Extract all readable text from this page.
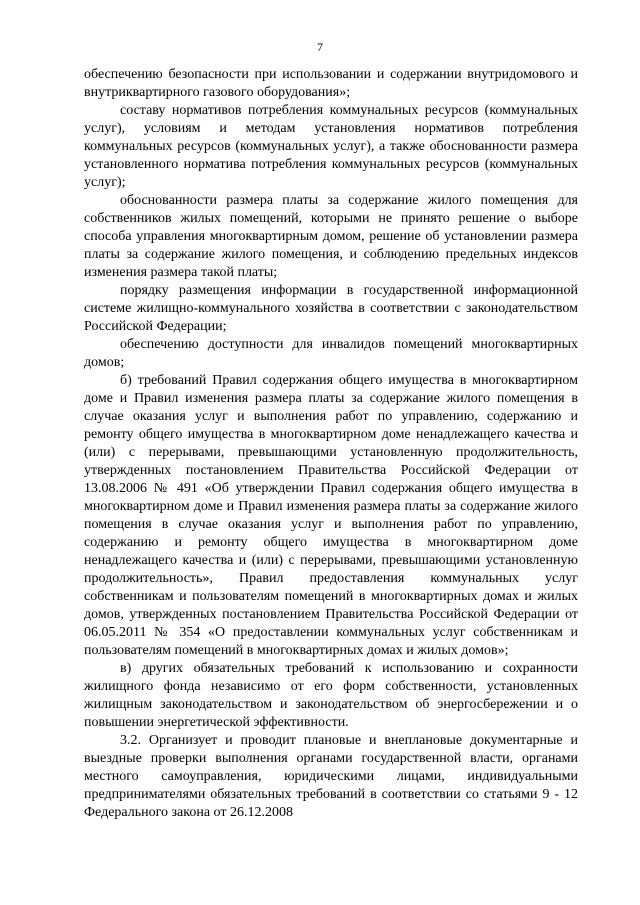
7

обеспечению безопасности при использовании и содержании внутридомового и внутриквартирного газового оборудования»;

составу нормативов потребления коммунальных ресурсов (коммунальных услуг), условиям и методам установления нормативов потребления коммунальных ресурсов (коммунальных услуг), а также обоснованности размера установленного норматива потребления коммунальных ресурсов (коммунальных услуг);

обоснованности размера платы за содержание жилого помещения для собственников жилых помещений, которыми не принято решение о выборе способа управления многоквартирным домом, решение об установлении размера платы за содержание жилого помещения, и соблюдению предельных индексов изменения размера такой платы;

порядку размещения информации в государственной информационной системе жилищно-коммунального хозяйства в соответствии с законодательством Российской Федерации;

обеспечению доступности для инвалидов помещений многоквартирных домов;

б) требований Правил содержания общего имущества в многоквартирном доме и Правил изменения размера платы за содержание жилого помещения в случае оказания услуг и выполнения работ по управлению, содержанию и ремонту общего имущества в многоквартирном доме ненадлежащего качества и (или) с перерывами, превышающими установленную продолжительность, утвержденных постановлением Правительства Российской Федерации от 13.08.2006 № 491 «Об утверждении Правил содержания общего имущества в многоквартирном доме и Правил изменения размера платы за содержание жилого помещения в случае оказания услуг и выполнения работ по управлению, содержанию и ремонту общего имущества в многоквартирном доме ненадлежащего качества и (или) с перерывами, превышающими установленную продолжительность», Правил предоставления коммунальных услуг собственникам и пользователям помещений в многоквартирных домах и жилых домов, утвержденных постановлением Правительства Российской Федерации от 06.05.2011 № 354 «О предоставлении коммунальных услуг собственникам и пользователям помещений в многоквартирных домах и жилых домов»;

в) других обязательных требований к использованию и сохранности жилищного фонда независимо от его форм собственности, установленных жилищным законодательством и законодательством об энергосбережении и о повышении энергетической эффективности.

3.2. Организует и проводит плановые и внеплановые документарные и выездные проверки выполнения органами государственной власти, органами местного самоуправления, юридическими лицами, индивидуальными предпринимателями обязательных требований в соответствии со статьями 9 - 12 Федерального закона от 26.12.2008
